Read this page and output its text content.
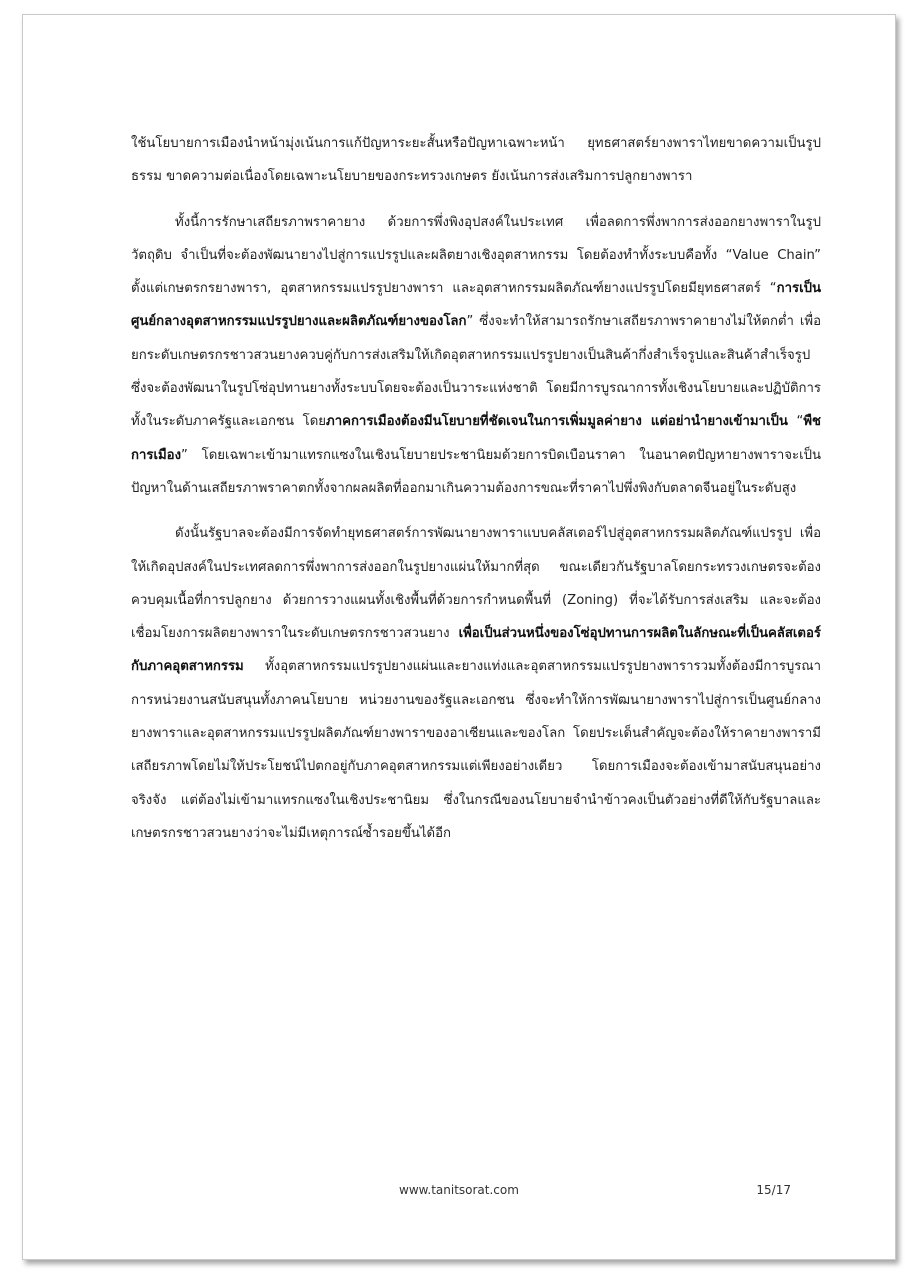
ใช้นโยบายการเมืองนำหน้ามุ่งเน้นการแก้ปัญหาระยะสั้นหรือปัญหาเฉพาะหน้า ยุทธศาสตร์ยางพาราไทยขาดความเป็นรูปธรรม ขาดความต่อเนื่องโดยเฉพาะนโยบายของกระทรวงเกษตร ยังเน้นการส่งเสริมการปลูกยางพารา

ทั้งนี้การรักษาเสถียรภาพราคายาง ด้วยการพึ่งพิงอุปสงค์ในประเทศ เพื่อลดการพึ่งพาการส่งออกยางพาราในรูปวัตถุดิบ จำเป็นที่จะต้องพัฒนายางไปสู่การแปรรูปและผลิตยางเชิงอุตสาหกรรม โดยต้องทำทั้งระบบคือทั้ง “Value Chain” ตั้งแต่เกษตรกรยางพารา, อุตสาหกรรมแปรรูปยางพารา และอุตสาหกรรมผลิตภัณฑ์ยางแปรรูปโดยมียุทธศาสตร์ “การเป็นศูนย์กลางอุตสาหกรรมแปรรูปยางและผลิตภัณฑ์ยางของโลก” ซึ่งจะทำให้สามารถรักษาเสถียรภาพราคายางไม่ให้ตกต่ำ เพื่อยกระดับเกษตรกรชาวสวนยางควบคู่กับการส่งเสริมให้เกิดอุตสาหกรรมแปรรูปยางเป็นสินค้ากึ่งสำเร็จรูปและสินค้าสำเร็จรูป ซึ่งจะต้องพัฒนาในรูปโซ่อุปทานยางทั้งระบบโดยจะต้องเป็นวาระแห่งชาติ โดยมีการบูรณาการทั้งเชิงนโยบายและปฏิบัติการ ทั้งในระดับภาครัฐและเอกชน โดยภาคการเมืองต้องมีนโยบายที่ชัดเจนในการเพิ่มมูลค่ายาง แต่อย่านำยางเข้ามาเป็น “พืชการเมือง” โดยเฉพาะเข้ามาแทรกแซงในเชิงนโยบายประชานิยมด้วยการบิดเบือนราคา ในอนาคตปัญหายางพาราจะเป็นปัญหาในด้านเสถียรภาพราคาตกทั้งจากผลผลิตที่ออกมาเกินความต้องการขณะที่ราคาไปพึ่งพิงกับตลาดจีนอยู่ในระดับสูง

ดังนั้นรัฐบาลจะต้องมีการจัดทำยุทธศาสตร์การพัฒนายางพาราแบบคลัสเตอร์ไปสู่อุตสาหกรรมผลิตภัณฑ์แปรรูป เพื่อให้เกิดอุปสงค์ในประเทศลดการพึ่งพาการส่งออกในรูปยางแผ่นให้มากที่สุด ขณะเดียวกันรัฐบาลโดยกระทรวงเกษตรจะต้องควบคุมเนื้อที่การปลูกยาง ด้วยการวางแผนทั้งเชิงพื้นที่ด้วยการกำหนดพื้นที่ (Zoning) ที่จะได้รับการส่งเสริม และจะต้องเชื่อมโยงการผลิตยางพาราในระดับเกษตรกรชาวสวนยาง เพื่อเป็นส่วนหนึ่งของโซ่อุปทานการผลิตในลักษณะที่เป็นคลัสเตอร์กับภาคอุตสาหกรรม ทั้งอุตสาหกรรมแปรรูปยางแผ่นและยางแท่งและอุตสาหกรรมแปรรูปยางพารารวมทั้งต้องมีการบูรณาการหน่วยงานสนับสนุนทั้งภาคนโยบาย หน่วยงานของรัฐและเอกชน ซึ่งจะทำให้การพัฒนายางพาราไปสู่การเป็นศูนย์กลางยางพาราและอุตสาหกรรมแปรรูปผลิตภัณฑ์ยางพาราของอาเซียนและของโลก โดยประเด็นสำคัญจะต้องให้ราคายางพารามีเสถียรภาพโดยไม่ให้ประโยชน์ไปตกอยู่กับภาคอุตสาหกรรมแต่เพียงอย่างเดียว โดยการเมืองจะต้องเข้ามาสนับสนุนอย่างจริงจัง แต่ต้องไม่เข้ามาแทรกแซงในเชิงประชานิยม ซึ่งในกรณีของนโยบายจำนำข้าวคงเป็นตัวอย่างที่ดีให้กับรัฐบาลและเกษตรกรชาวสวนยางว่าจะไม่มีเหตุการณ์ซ้ำรอยขึ้นได้อีก

www.tanitsorat.com	15/17
